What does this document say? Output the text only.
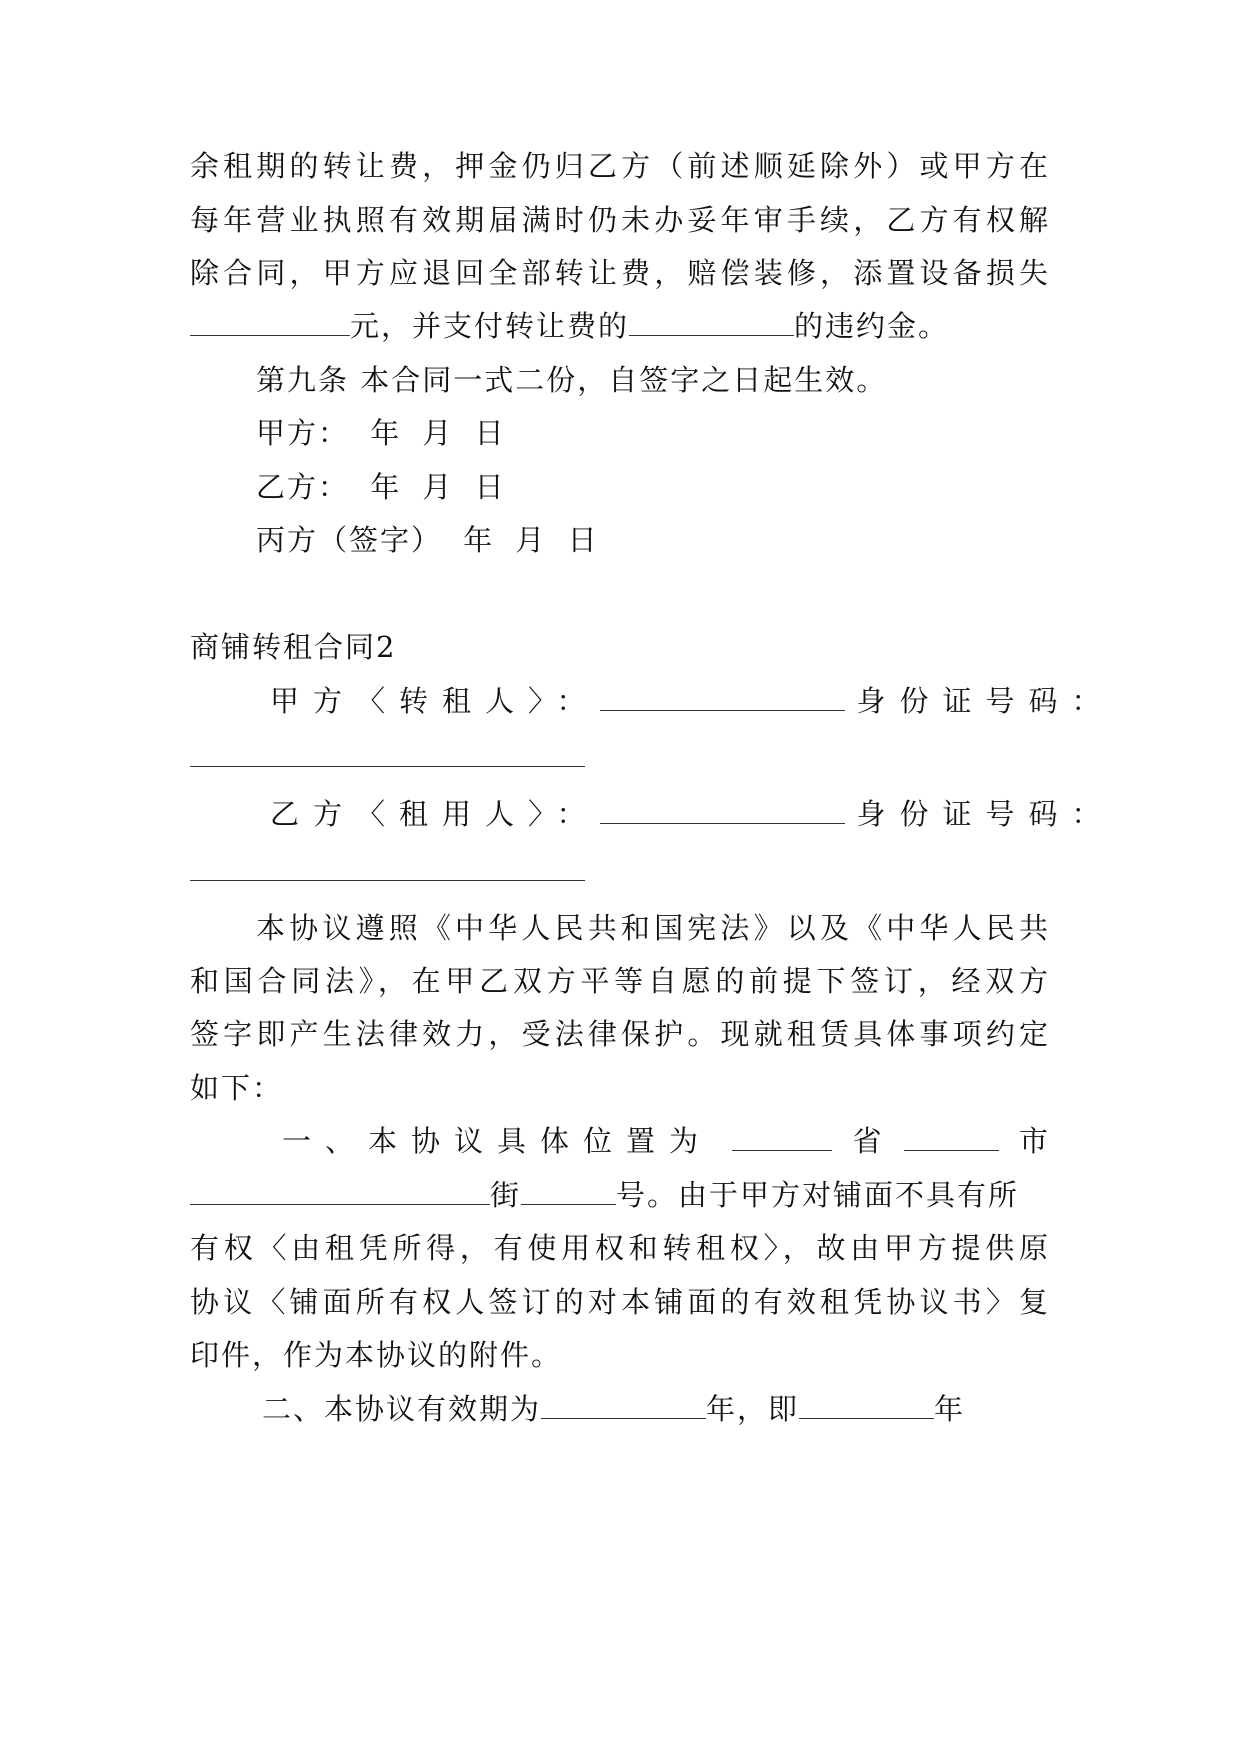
余租期的转让费，押金仍归乙方（前述顺延除外）或甲方在
每年营业执照有效期届满时仍未办妥年审手续，乙方有权解
除合同，甲方应退回全部转让费，赔偿装修，添置设备损失
元，并支付转让费的	的违约金。
第九条 本合同一式二份，自签字之日起生效。
甲方： 年 月 日
乙方： 年 月 日
丙方（签字） 年 月 日
商铺转租合同2
甲方〈转租人〉：	身份证号码：
乙方〈租用人〉：	身份证号码：
本协议遵照《中华人民共和国宪法》以及《中华人民共
和国合同法》，在甲乙双方平等自愿的前提下签订，经双方
签字即产生法律效力，受法律保护。现就租赁具体事项约定
如下：
一、本协议具体位置为	省	市
街	号。由于甲方对铺面不具有所
有权〈由租凭所得，有使用权和转租权〉，故由甲方提供原
协议〈铺面所有权人签订的对本铺面的有效租凭协议书〉复
印件，作为本协议的附件。
二、本协议有效期为	年，即	年
